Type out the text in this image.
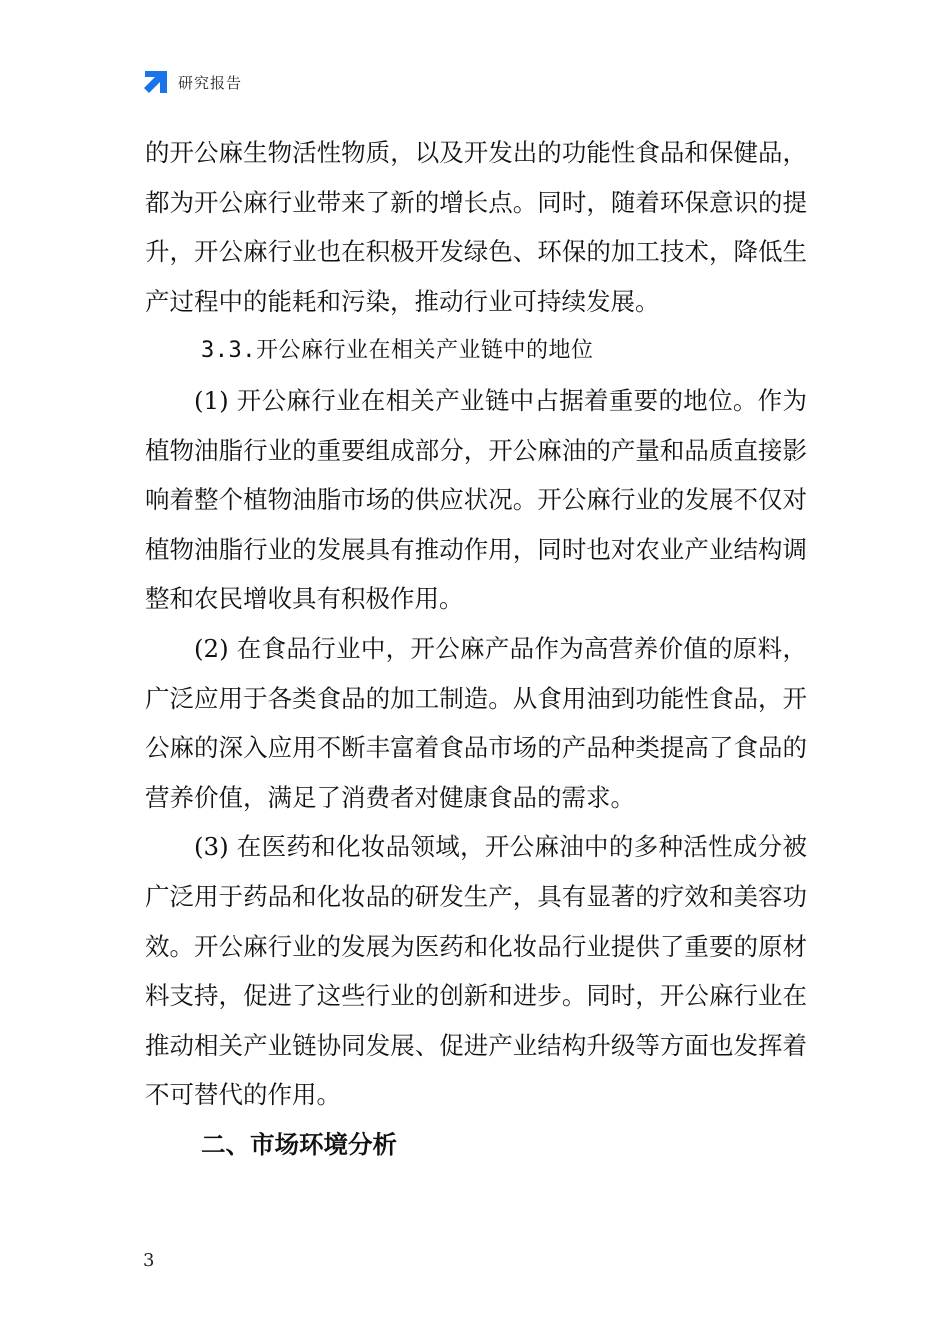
研究报告

的开公麻生物活性物质，以及开发出的功能性食品和保健品，都为开公麻行业带来了新的增长点。同时，随着环保意识的提升，开公麻行业也在积极开发绿色、环保的加工技术，降低生产过程中的能耗和污染，推动行业可持续发展。

3.3.开公麻行业在相关产业链中的地位

(1) 开公麻行业在相关产业链中占据着重要的地位。作为植物油脂行业的重要组成部分，开公麻油的产量和品质直接影响着整个植物油脂市场的供应状况。开公麻行业的发展不仅对植物油脂行业的发展具有推动作用，同时也对农业产业结构调整和农民增收具有积极作用。

(2) 在食品行业中，开公麻产品作为高营养价值的原料，广泛应用于各类食品的加工制造。从食用油到功能性食品，开公麻的深入应用不断丰富着食品市场的产品种类提高了食品的营养价值，满足了消费者对健康食品的需求。

(3) 在医药和化妆品领域，开公麻油中的多种活性成分被广泛用于药品和化妆品的研发生产，具有显著的疗效和美容功效。开公麻行业的发展为医药和化妆品行业提供了重要的原材料支持，促进了这些行业的创新和进步。同时，开公麻行业在推动相关产业链协同发展、促进产业结构升级等方面也发挥着不可替代的作用。

二、市场环境分析

3
